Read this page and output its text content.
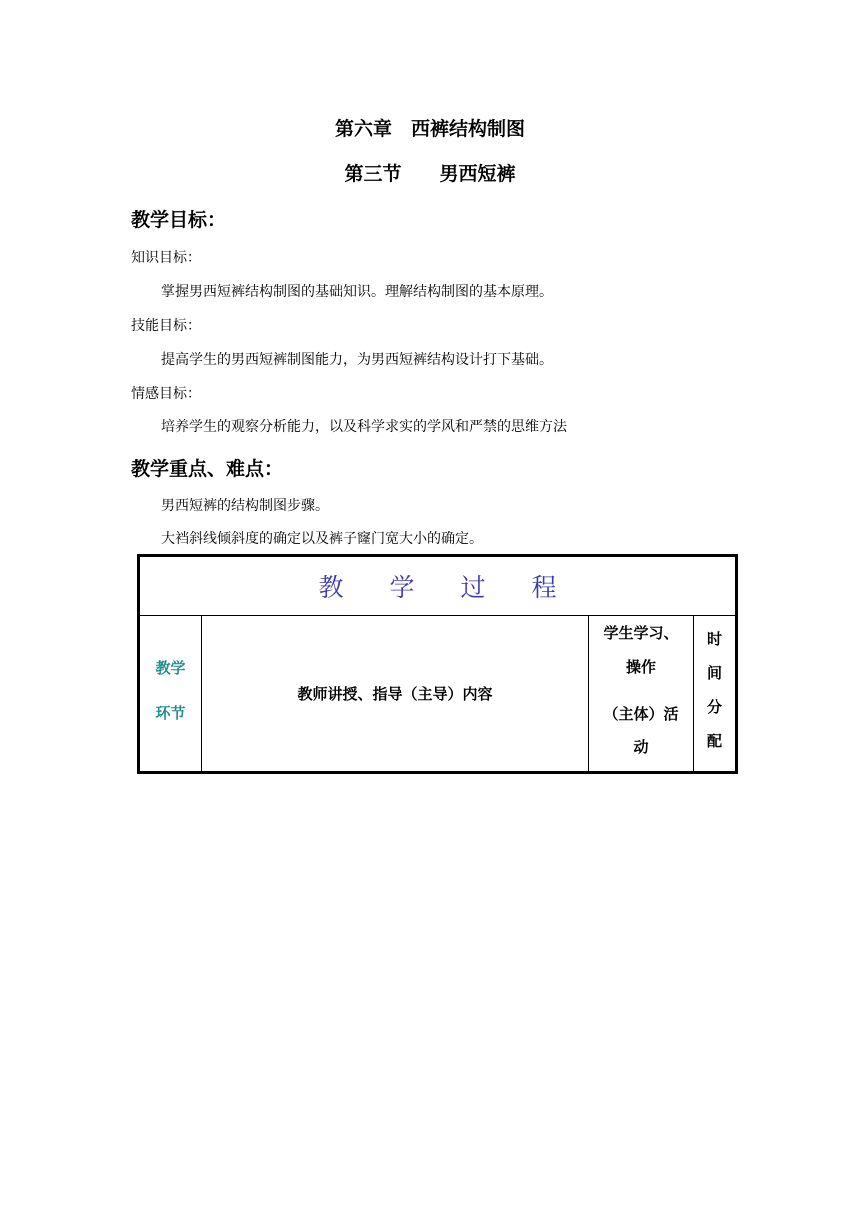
第六章　西裤结构制图
第三节　　男西短裤
教学目标：
知识目标：
掌握男西短裤结构制图的基础知识。理解结构制图的基本原理。
技能目标：
提高学生的男西短裤制图能力，为男西短裤结构设计打下基础。
情感目标：
培养学生的观察分析能力，以及科学求实的学风和严禁的思维方法
教学重点、难点：
男西短裤的结构制图步骤。
大裆斜线倾斜度的确定以及裤子窿门宽大小的确定。
教学过程
教学
环节
教师讲授、指导（主导）内容
学生学习、
操作
（主体）活
动
时
间
分
配
